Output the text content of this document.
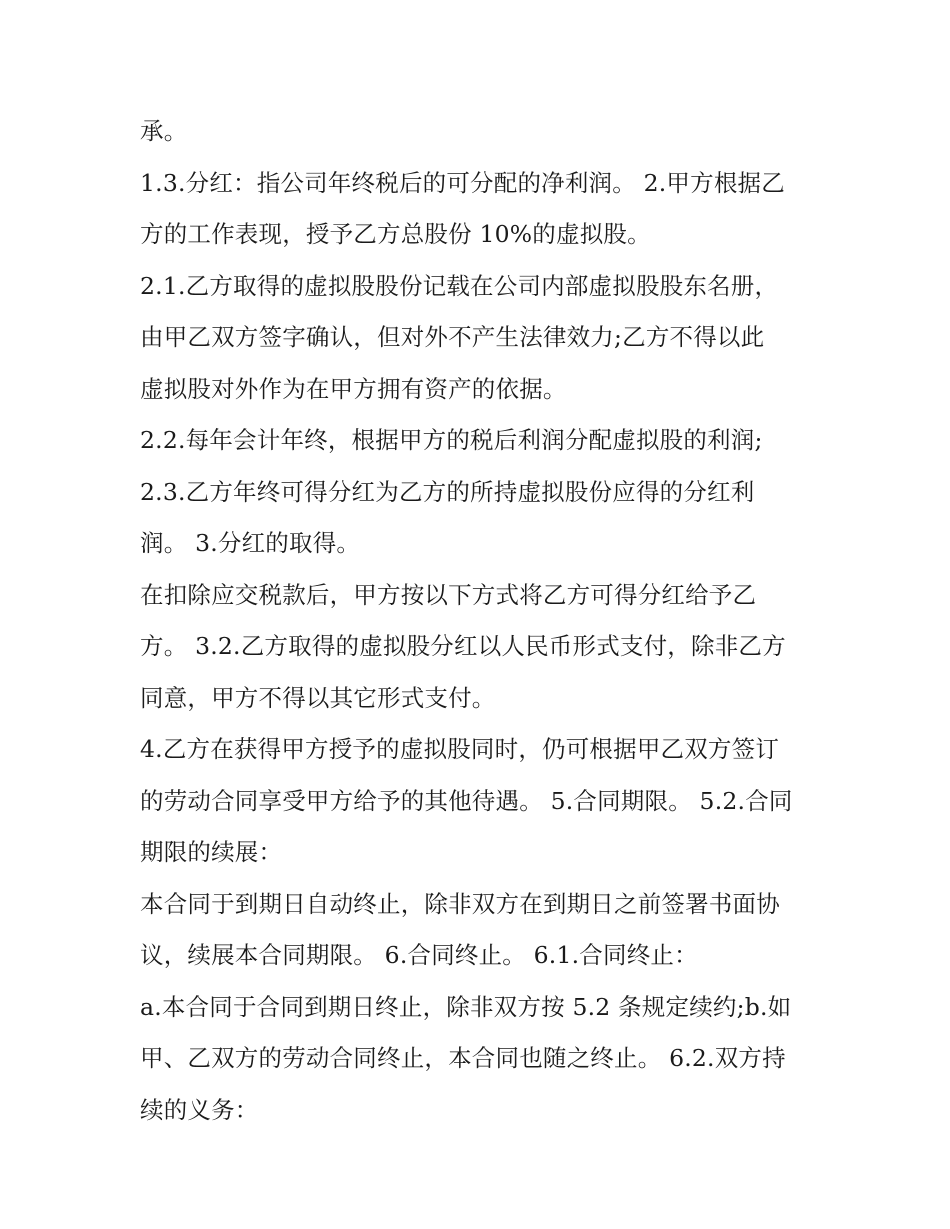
承。
1.3.分红：指公司年终税后的可分配的净利润。 2.甲方根据乙
方的工作表现，授予乙方总股份 10%的虚拟股。
2.1.乙方取得的虚拟股股份记载在公司内部虚拟股股东名册，
由甲乙双方签字确认，但对外不产生法律效力;乙方不得以此
虚拟股对外作为在甲方拥有资产的依据。
2.2.每年会计年终，根据甲方的税后利润分配虚拟股的利润;
2.3.乙方年终可得分红为乙方的所持虚拟股份应得的分红利
润。 3.分红的取得。
在扣除应交税款后，甲方按以下方式将乙方可得分红给予乙
方。 3.2.乙方取得的虚拟股分红以人民币形式支付，除非乙方
同意，甲方不得以其它形式支付。
4.乙方在获得甲方授予的虚拟股同时，仍可根据甲乙双方签订
的劳动合同享受甲方给予的其他待遇。 5.合同期限。 5.2.合同
期限的续展：
本合同于到期日自动终止，除非双方在到期日之前签署书面协
议，续展本合同期限。 6.合同终止。 6.1.合同终止：
a.本合同于合同到期日终止，除非双方按 5.2 条规定续约;b.如
甲、乙双方的劳动合同终止，本合同也随之终止。 6.2.双方持
续的义务：
